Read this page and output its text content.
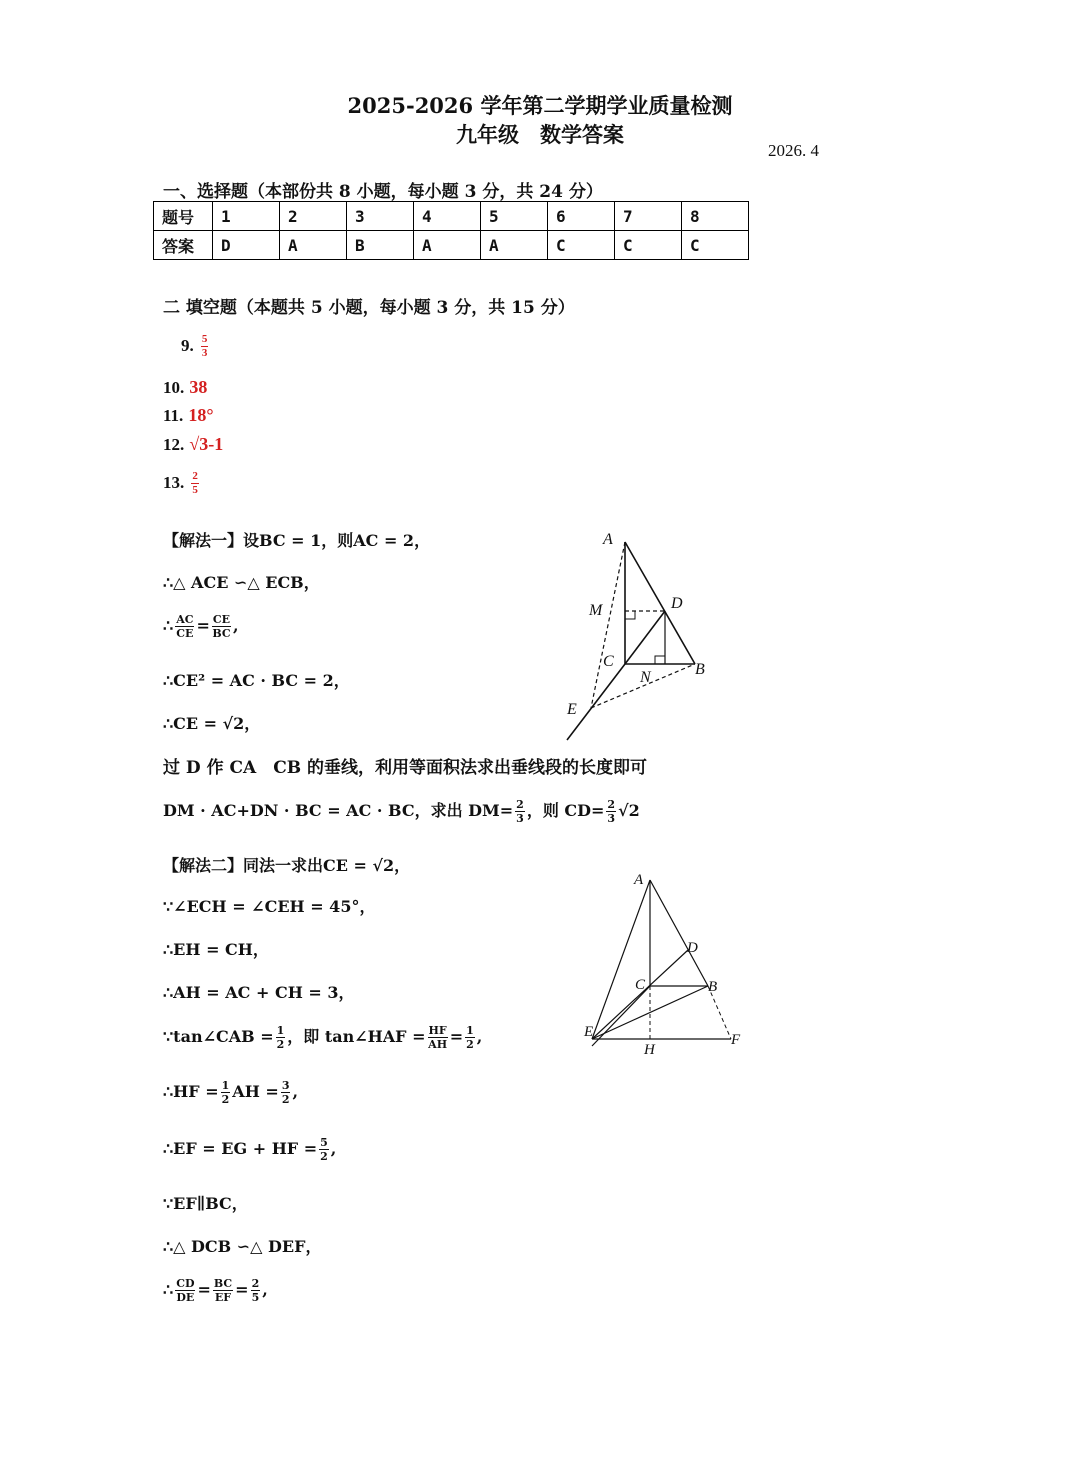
2025-2026 学年第二学期学业质量检测
九年级　数学答案
2026. 4
一、选择题（本部份共 8 小题，每小题 3 分，共 24 分）
题号	1	2	3	4	5	6	7	8
答案	D	A	B	A	A	C	C	C
二 填空题（本题共 5 小题，每小题 3 分，共 15 分）
9. $\frac{5}{3}$
10. 38
11. 18°
12. √3-1
13. $\frac{2}{5}$
【解法一】设BC = 1，则AC = 2，
∴△ ACE ∽△ ECB，
∴ $\frac{AC}{CE} = \frac{CE}{BC}$ ,
∴CE² = AC · BC = 2，
∴CE = √2，
过 D 作 CA　CB 的垂线，利用等面积法求出垂线段的长度即可
DM · AC+DN · BC = AC · BC，求出 $DM= \frac{2}{3}$ ，则 $CD= \frac{2}{3} √2$
A
M	D
C
N	B
E
【解法二】同法一求出CE = √2，
∵∠ECH = ∠CEH = 45°，
∴EH = CH，
∴AH = AC + CH = 3，
∵tan∠CAB = $\frac{1}{2}$ ，即 tan∠HAF = $\frac{HF}{AH} = \frac{1}{2}$ ,
∴HF = $\frac{1}{2}$ AH = $\frac{3}{2}$ ,
∴EF = EG + HF = $\frac{5}{2}$ ,
∵EF∥BC，
∴△ DCB ∽△ DEF，
∴ $\frac{CD}{DE} = \frac{BC}{EF} = \frac{2}{5}$ ,
A
D
C	B
E
H
F
